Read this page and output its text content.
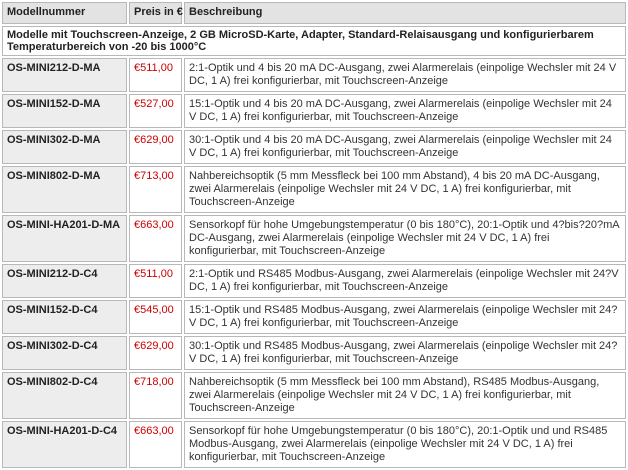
Modellnummer	Preis in €	Beschreibung
Modelle mit Touchscreen-Anzeige, 2 GB MicroSD-Karte, Adapter, Standard-Relaisausgang und konfigurierbarem Temperaturbereich von -20 bis 1000°C		
OS-MINI212-D-MA	€511,00	2:1-Optik und 4 bis 20 mA DC-Ausgang, zwei Alarmerelais (einpolige Wechsler mit 24 V DC, 1 A) frei konfigurierbar, mit Touchscreen-Anzeige
OS-MINI152-D-MA	€527,00	15:1-Optik und 4 bis 20 mA DC-Ausgang, zwei Alarmerelais (einpolige Wechsler mit 24 V DC, 1 A) frei konfigurierbar, mit Touchscreen-Anzeige
OS-MINI302-D-MA	€629,00	30:1-Optik und 4 bis 20 mA DC-Ausgang, zwei Alarmerelais (einpolige Wechsler mit 24 V DC, 1 A) frei konfigurierbar, mit Touchscreen-Anzeige
OS-MINI802-D-MA	€713,00	Nahbereichsoptik (5 mm Messfleck bei 100 mm Abstand), 4 bis 20 mA DC-Ausgang, zwei Alarmerelais (einpolige Wechsler mit 24 V DC, 1 A) frei konfigurierbar, mit Touchscreen-Anzeige
OS-MINI-HA201-D-MA	€663,00	Sensorkopf für hohe Umgebungstemperatur (0 bis 180°C), 20:1-Optik und 4?bis?20?mA DC-Ausgang, zwei Alarmerelais (einpolige Wechsler mit 24 V DC, 1 A) frei konfigurierbar, mit Touchscreen-Anzeige
OS-MINI212-D-C4	€511,00	2:1-Optik und RS485 Modbus-Ausgang, zwei Alarmerelais (einpolige Wechsler mit 24?V DC, 1 A) frei konfigurierbar, mit Touchscreen-Anzeige
OS-MINI152-D-C4	€545,00	15:1-Optik und RS485 Modbus-Ausgang, zwei Alarmerelais (einpolige Wechsler mit 24?V DC, 1 A) frei konfigurierbar, mit Touchscreen-Anzeige
OS-MINI302-D-C4	€629,00	30:1-Optik und RS485 Modbus-Ausgang, zwei Alarmerelais (einpolige Wechsler mit 24?V DC, 1 A) frei konfigurierbar, mit Touchscreen-Anzeige
OS-MINI802-D-C4	€718,00	Nahbereichsoptik (5 mm Messfleck bei 100 mm Abstand), RS485 Modbus-Ausgang, zwei Alarmerelais (einpolige Wechsler mit 24 V DC, 1 A) frei konfigurierbar, mit Touchscreen-Anzeige
OS-MINI-HA201-D-C4	€663,00	Sensorkopf für hohe Umgebungstemperatur (0 bis 180°C), 20:1-Optik und und RS485 Modbus-Ausgang, zwei Alarmerelais (einpolige Wechsler mit 24 V DC, 1 A) frei konfigurierbar, mit Touchscreen-Anzeige
